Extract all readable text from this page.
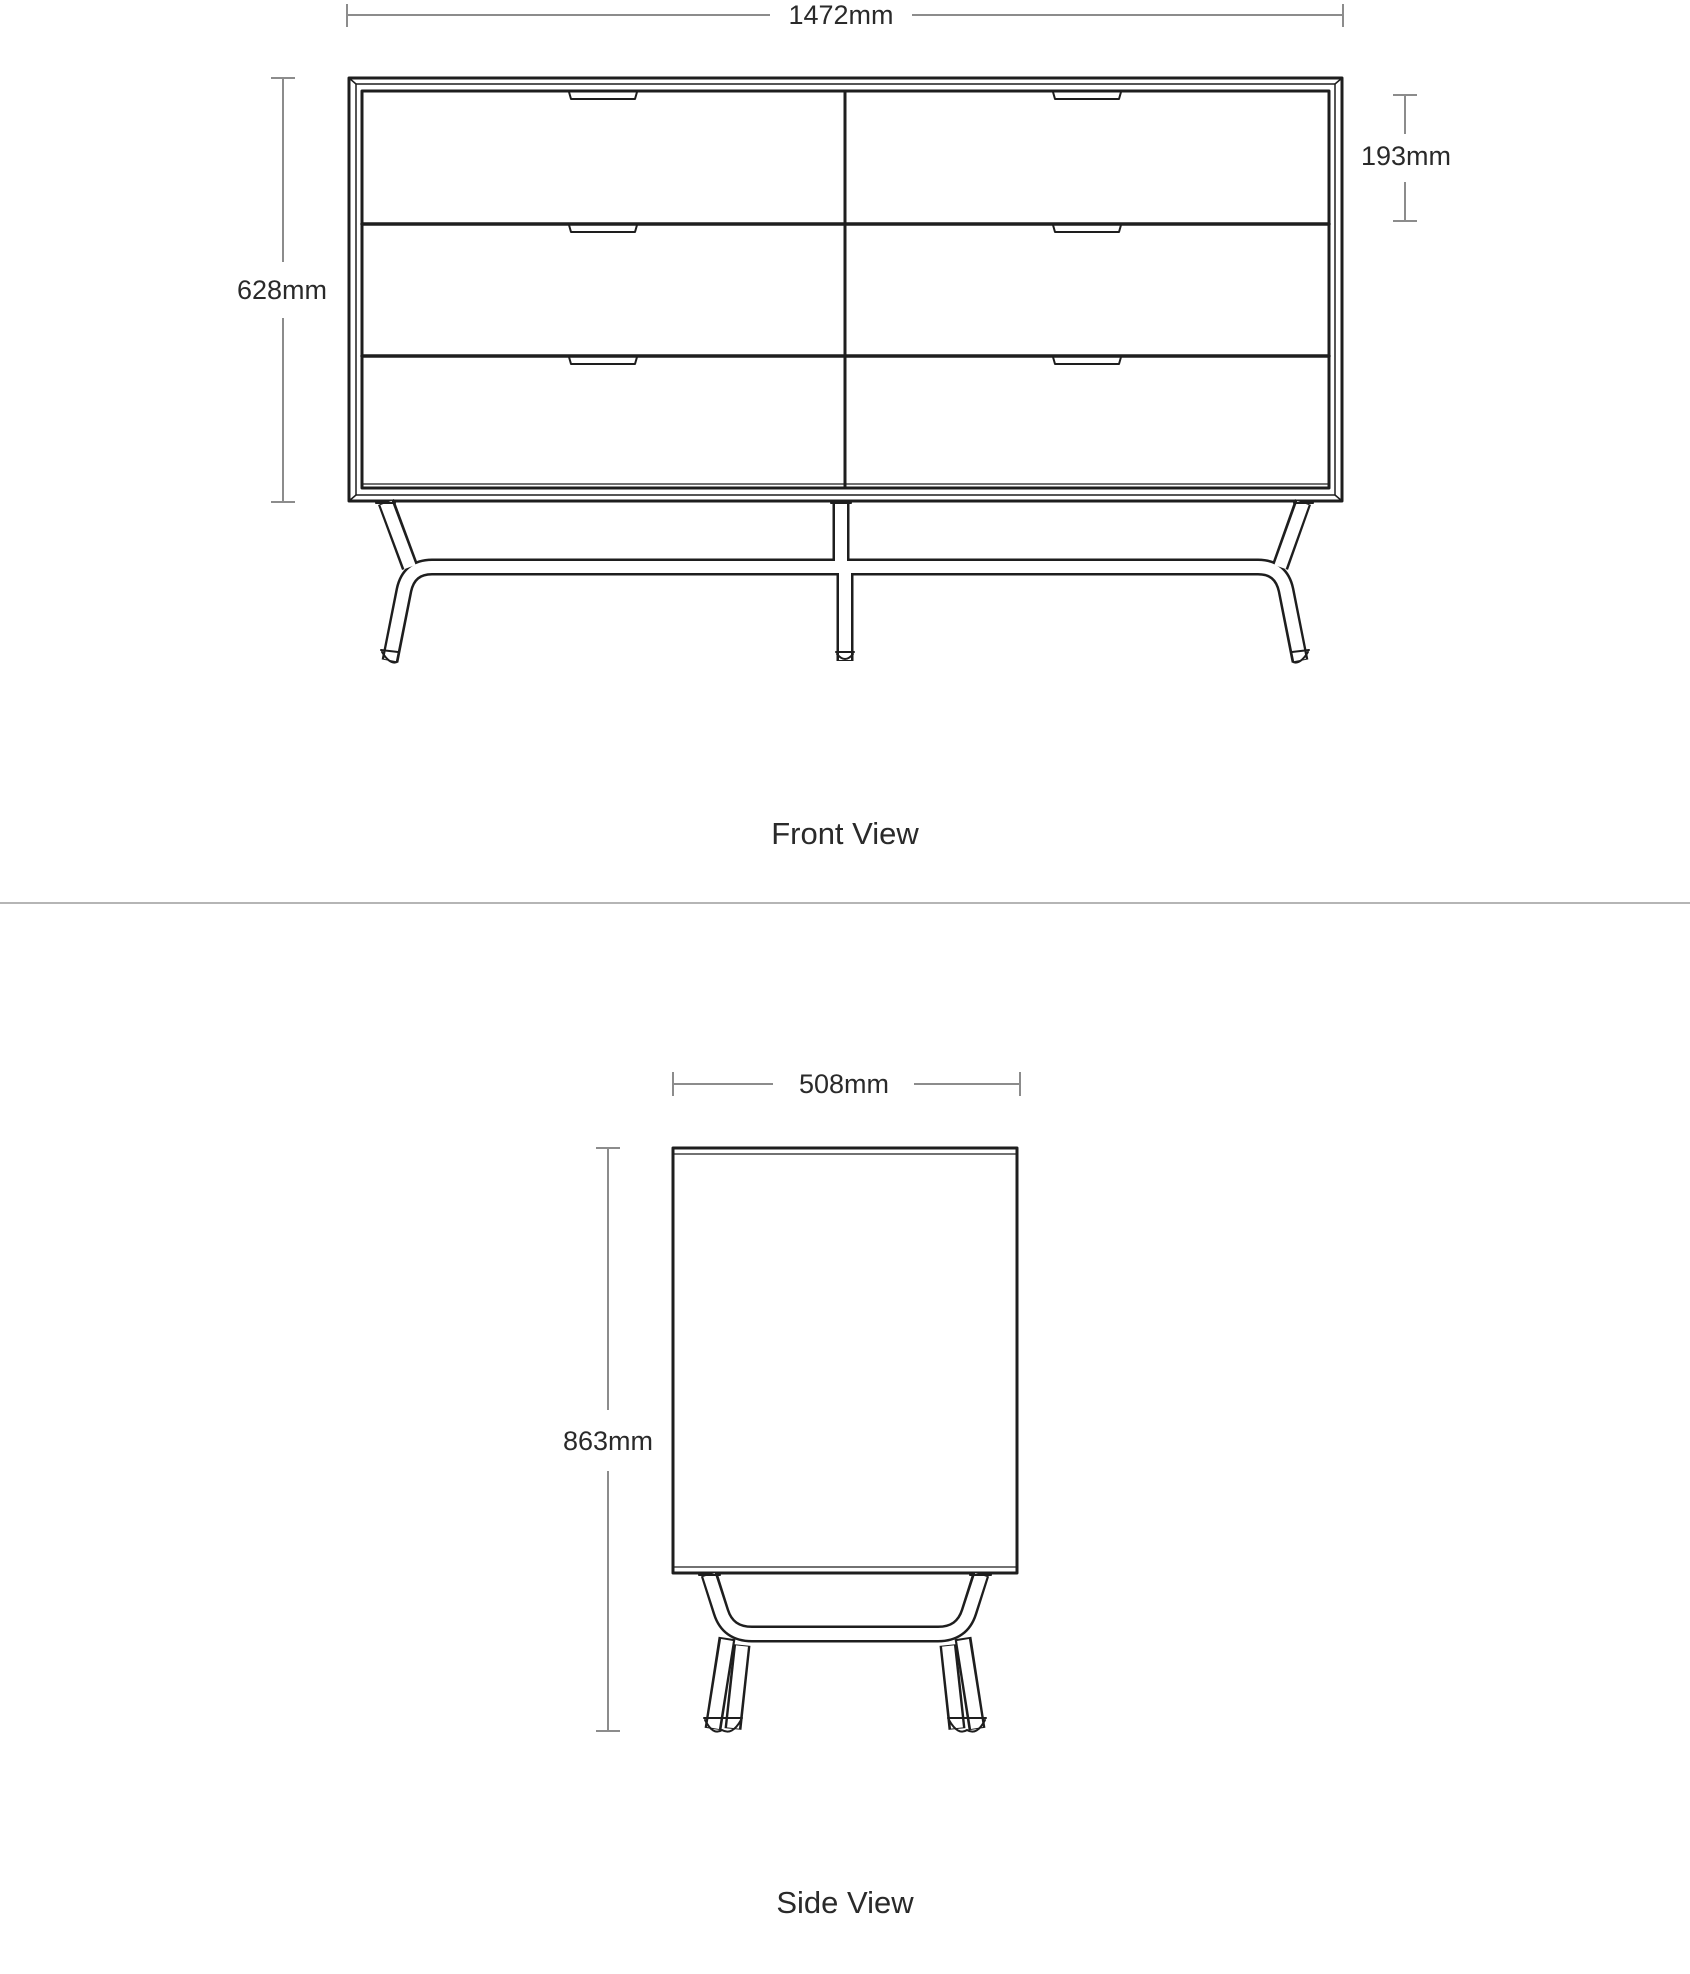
1472mm
628mm
193mm
Front View
508mm
863mm
Side View
